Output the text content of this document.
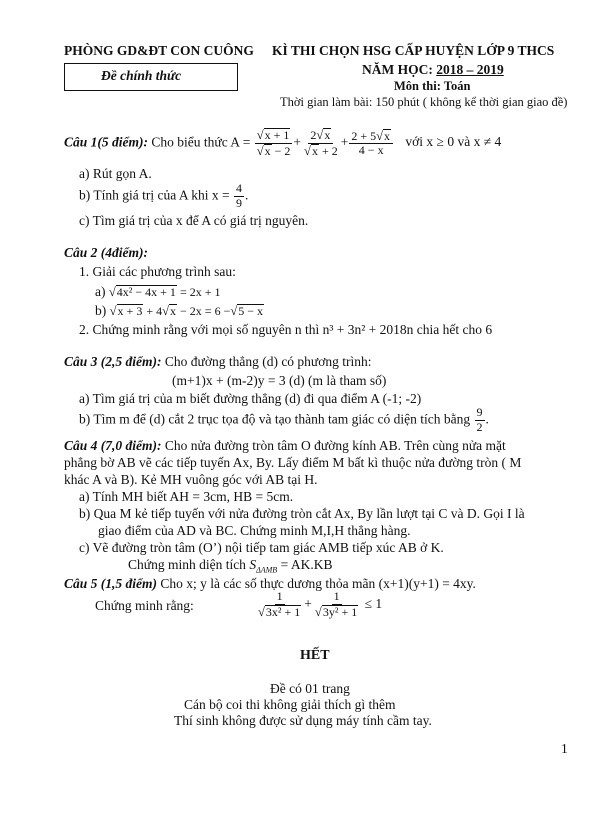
PHÒNG GD&ĐT CON CUÔNG
Đề chính thức
KÌ THI CHỌN HSG CẤP HUYỆN LỚP 9 THCS
NĂM HỌC: 2018 – 2019
Môn thi: Toán
Thời gian làm bài: 150 phút ( không kể thời gian giao đề)
Câu 1(5 điểm): Cho biểu thức $A = \frac{√x + 1}{√x - 2} + \frac{2√x}{√x + 2} + \frac{2 + 5√x}{4 - x}$ với x ≥ 0 và x ≠ 4
a) Rút gọn A.
b) Tính giá trị của A khi $x = \frac{4}{9}$ .
c) Tìm giá trị của x để A có giá trị nguyên.
Câu 2 (4điểm):
1. Giải các phương trình sau:
a) √4x² − 4x + 1 = 2x + 1
b) √x + 3 + 4√x − 2x = 6 −√5 − x
2. Chứng minh rằng với mọi số nguyên n thì n³ + 3n² + 2018n chia hết cho 6
Câu 3 (2,5 điểm): Cho đường thẳng (d) có phương trình:
(m+1)x + (m-2)y = 3 (d) (m là tham số)
a) Tìm giá trị của m biết đường thẳng (d) đi qua điểm A (-1; -2)
b) Tìm m để (d) cắt 2 trục tọa độ và tạo thành tam giác có diện tích bằng $\frac{9}{2}$ .
Câu 4 (7,0 điểm): Cho nửa đường tròn tâm O đường kính AB. Trên cùng nửa mặt
phẳng bờ AB vẽ các tiếp tuyến Ax, By. Lấy điểm M bất kì thuộc nửa đường tròn ( M
khác A và B). Kẻ MH vuông góc với AB tại H.
a) Tính MH biết AH = 3cm, HB = 5cm.
b) Qua M kẻ tiếp tuyến với nửa đường tròn cắt Ax, By lần lượt tại C và D. Gọi I là
giao điểm của AD và BC. Chứng minh M,I,H thẳng hàng.
c) Vẽ đường tròn tâm (O’) nội tiếp tam giác AMB tiếp xúc AB ở K.
Chứng minh diện tích $S_{\Delta AMB} = AK.KB$
Câu 5 (1,5 điểm) Cho x; y là các số thực dương thỏa mãn (x+1)(y+1) = 4xy.
Chứng minh rằng:	$\frac{1}{\text{√3x² + 1}} + \frac{1}{\text{√3y² + 1}} \le 1$
HẾT
Đề có 01 trang
Cán bộ coi thi không giải thích gì thêm
Thí sinh không được sử dụng máy tính cầm tay.
1
